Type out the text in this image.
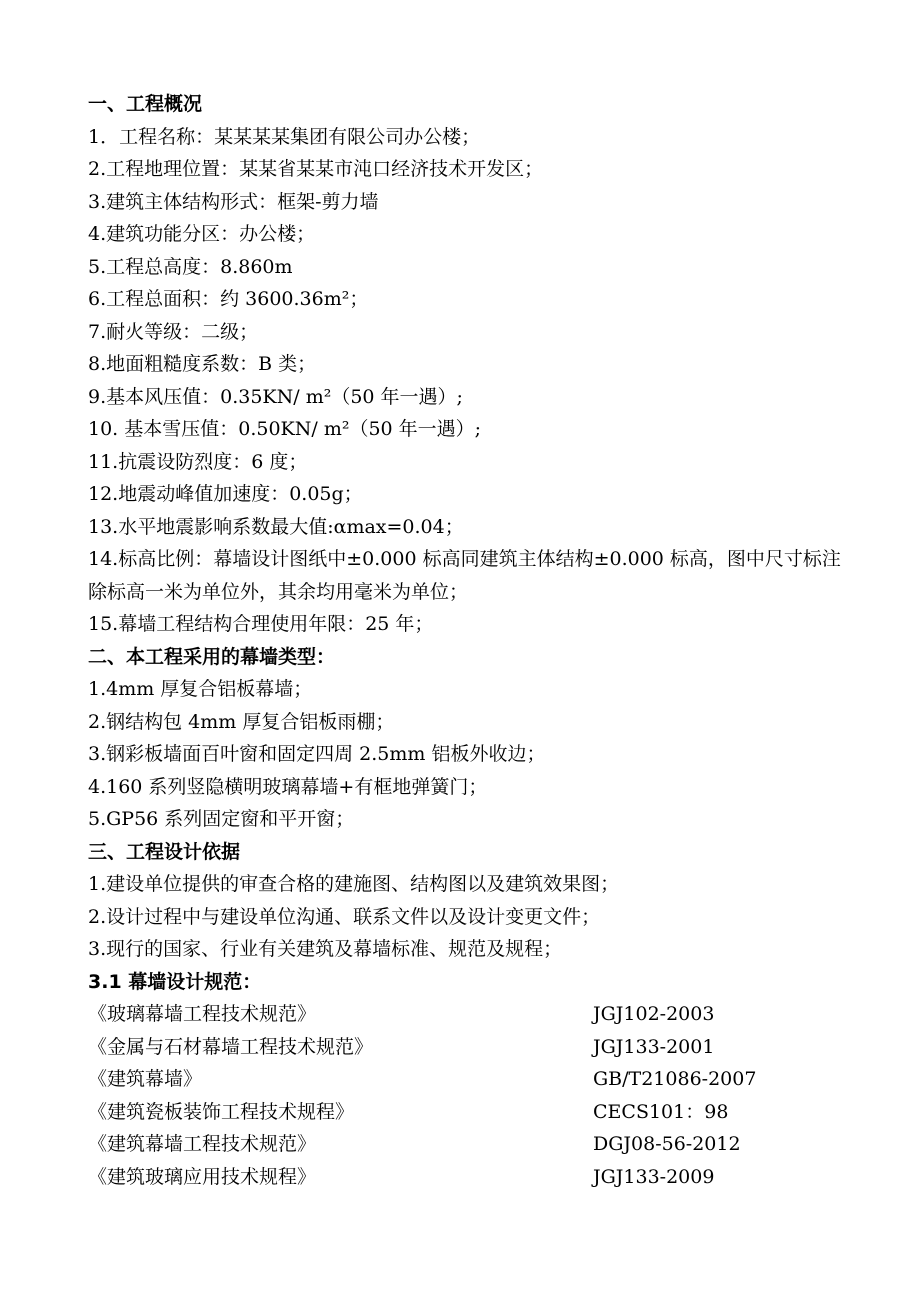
一、工程概况
1．工程名称：某某某某集团有限公司办公楼；
2.工程地理位置：某某省某某市沌口经济技术开发区；
3.建筑主体结构形式：框架-剪力墙
4.建筑功能分区：办公楼；
5.工程总高度：8.860m
6.工程总面积：约 3600.36m²；
7.耐火等级：二级；
8.地面粗糙度系数：B 类；
9.基本风压值：0.35KN/ m²（50 年一遇）;
10. 基本雪压值：0.50KN/ m²（50 年一遇）;
11.抗震设防烈度：6 度；
12.地震动峰值加速度：0.05g；
13.水平地震影响系数最大值:αmax=0.04；
14.标高比例：幕墙设计图纸中±0.000 标高同建筑主体结构±0.000 标高，图中尺寸标注除标高一米为单位外，其余均用毫米为单位；
15.幕墙工程结构合理使用年限：25 年；
二、本工程采用的幕墙类型：
1.4mm 厚复合铝板幕墙；
2.钢结构包 4mm 厚复合铝板雨棚；
3.钢彩板墙面百叶窗和固定四周 2.5mm 铝板外收边；
4.160 系列竖隐横明玻璃幕墙+有框地弹簧门；
5.GP56 系列固定窗和平开窗；
三、工程设计依据
1.建设单位提供的审查合格的建施图、结构图以及建筑效果图；
2.设计过程中与建设单位沟通、联系文件以及设计变更文件；
3.现行的国家、行业有关建筑及幕墙标准、规范及规程；
3.1 幕墙设计规范：
《玻璃幕墙工程技术规范》	JGJ102-2003
《金属与石材幕墙工程技术规范》	JGJ133-2001
《建筑幕墙》	GB/T21086-2007
《建筑瓷板装饰工程技术规程》	CECS101：98
《建筑幕墙工程技术规范》	DGJ08-56-2012
《建筑玻璃应用技术规程》	JGJ133-2009
